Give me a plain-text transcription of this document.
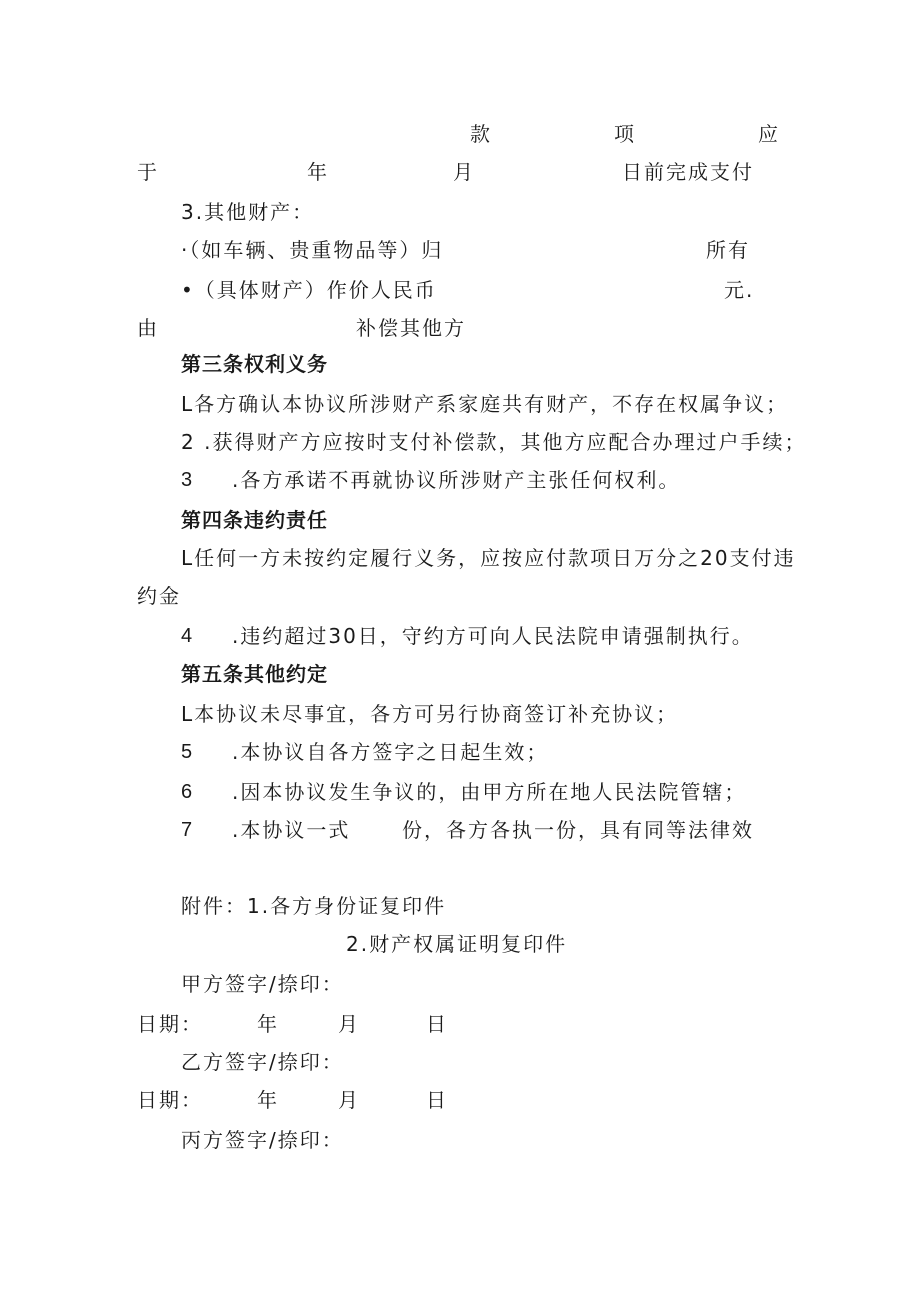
款	项	应
于	年	月	日前完成支付
3.其他财产：
·（如车辆、贵重物品等）归	所有
•（具体财产）作价人民币	元.
由	补偿其他方
第三条权利义务
L各方确认本协议所涉财产系家庭共有财产，不存在权属争议；
2 .获得财产方应按时支付补偿款，其他方应配合办理过户手续；
3 .各方承诺不再就协议所涉财产主张任何权利。
第四条违约责任
L任何一方未按约定履行义务，应按应付款项日万分之20支付违
约金
4 .违约超过30日，守约方可向人民法院申请强制执行。
第五条其他约定
L本协议未尽事宜，各方可另行协商签订补充协议；
5 .本协议自各方签字之日起生效；
6 .因本协议发生争议的，由甲方所在地人民法院管辖；
7 .本协议一式	份，各方各执一份，具有同等法律效
附件：1.各方身份证复印件
2.财产权属证明复印件
甲方签字/捺印：
日期：	年	月	日
乙方签字/捺印：
日期：	年	月	日
丙方签字/捺印：
